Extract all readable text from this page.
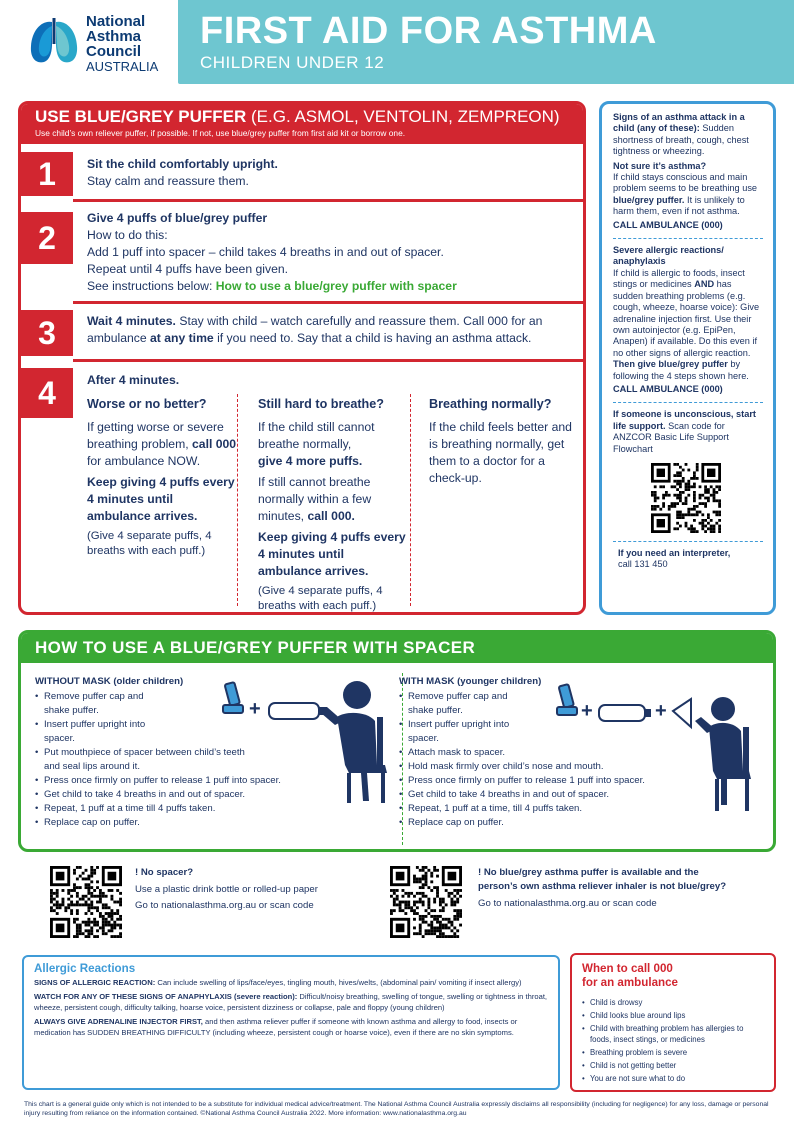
National
Asthma
Council
AUSTRALIA
FIRST AID FOR ASTHMA
CHILDREN UNDER 12
USE BLUE/GREY PUFFER (E.G. ASMOL, VENTOLIN, ZEMPREON)
Use child’s own reliever puffer, if possible. If not, use blue/grey puffer from first aid kit or borrow one.
1	Sit the child comfortably upright.
Stay calm and reassure them.
2
Give 4 puffs of blue/grey puffer
How to do this:
Add 1 puff into spacer – child takes 4 breaths in and out of spacer.
Repeat until 4 puffs have been given.
See instructions below: How to use a blue/grey puffer with spacer
3	Wait 4 minutes. Stay with child – watch carefully and reassure them. Call 000 for an
ambulance at any time if you need to. Say that a child is having an asthma attack.
4	After 4 minutes.
Worse or no better?

If getting worse or severe breathing problem, call 000 for ambulance NOW.

Keep giving 4 puffs every 4 minutes until ambulance arrives.

(Give 4 separate puffs, 4 breaths with each puff.)

Still hard to breathe?

If the child still cannot breathe normally,
give 4 more puffs.

If still cannot breathe normally within a few minutes, call 000.

Keep giving 4 puffs every 4 minutes until ambulance arrives.

(Give 4 separate puffs, 4 breaths with each puff.)

Breathing normally?

If the child feels better and is breathing normally, get them to a doctor for a check-up.

Signs of an asthma attack in a child (any of these): Sudden shortness of breath, cough, chest tightness or wheezing.
Not sure it’s asthma?
If child stays conscious and main problem seems to be breathing use blue/grey puffer. It is unlikely to harm them, even if not asthma.
CALL AMBULANCE (000)
Severe allergic reactions/ anaphylaxis
If child is allergic to foods, insect stings or medicines AND has sudden breathing problems (e.g. cough, wheeze, hoarse voice): Give adrenaline injection first. Use their own autoinjector (e.g. EpiPen, Anapen) if available. Do this even if no other signs of allergic reaction. Then give blue/grey puffer by following the 4 steps shown here.
CALL AMBULANCE (000)
If someone is unconscious, start life support. Scan code for ANZCOR Basic Life Support Flowchart
If you need an interpreter,
call 131 450
HOW TO USE A BLUE/GREY PUFFER WITH SPACER
WITHOUT MASK (older children)
• Remove puffer cap and shake puffer.
• Insert puffer upright into spacer.
• Put mouthpiece of spacer between child’s teeth and seal lips around it.
• Press once firmly on puffer to release 1 puff into spacer.
• Get child to take 4 breaths in and out of spacer.
• Repeat, 1 puff at a time till 4 puffs taken.
• Replace cap on puffer.
+
WITH MASK (younger children)
• Remove puffer cap and shake puffer.
• Insert puffer upright into spacer.
• Attach mask to spacer.
• Hold mask firmly over child’s nose and mouth.
• Press once firmly on puffer to release 1 puff into spacer.
• Get child to take 4 breaths in and out of spacer.
• Repeat, 1 puff at a time, till 4 puffs taken.
• Replace cap on puffer.
+	+
! No spacer?
Use a plastic drink bottle or rolled-up paper
Go to nationalasthma.org.au or scan code
! No blue/grey asthma puffer is available and the
person’s own asthma reliever inhaler is not blue/grey?
Go to nationalasthma.org.au or scan code
Allergic Reactions

SIGNS OF ALLERGIC REACTION: Can include swelling of lips/face/eyes, tingling mouth, hives/welts, (abdominal pain/ vomiting if insect allergy)

WATCH FOR ANY OF THESE SIGNS OF ANAPHYLAXIS (severe reaction): Difficult/noisy breathing, swelling of tongue, swelling or tightness in throat, wheeze, persistent cough, difficulty talking, hoarse voice, persistent dizziness or collapse, pale and floppy (young children)

ALWAYS GIVE ADRENALINE INJECTOR FIRST, and then asthma reliever puffer if someone with known asthma and allergy to food, insects or medication has SUDDEN BREATHING DIFFICULTY (including wheeze, persistent cough or hoarse voice), even if there are no skin symptoms.

When to call 000
for an ambulance
• Child is drowsy
• Child looks blue around lips
• Child with breathing problem has allergies to foods, insect stings, or medicines
• Breathing problem is severe
• Child is not getting better
• You are not sure what to do
This chart is a general guide only which is not intended to be a substitute for individual medical advice/treatment. The National Asthma Council Australia expressly disclaims all responsibility (including for negligence) for any loss, damage or personal injury resulting from reliance on the information contained. ©National Asthma Council Australia 2022. More information: www.nationalasthma.org.au
